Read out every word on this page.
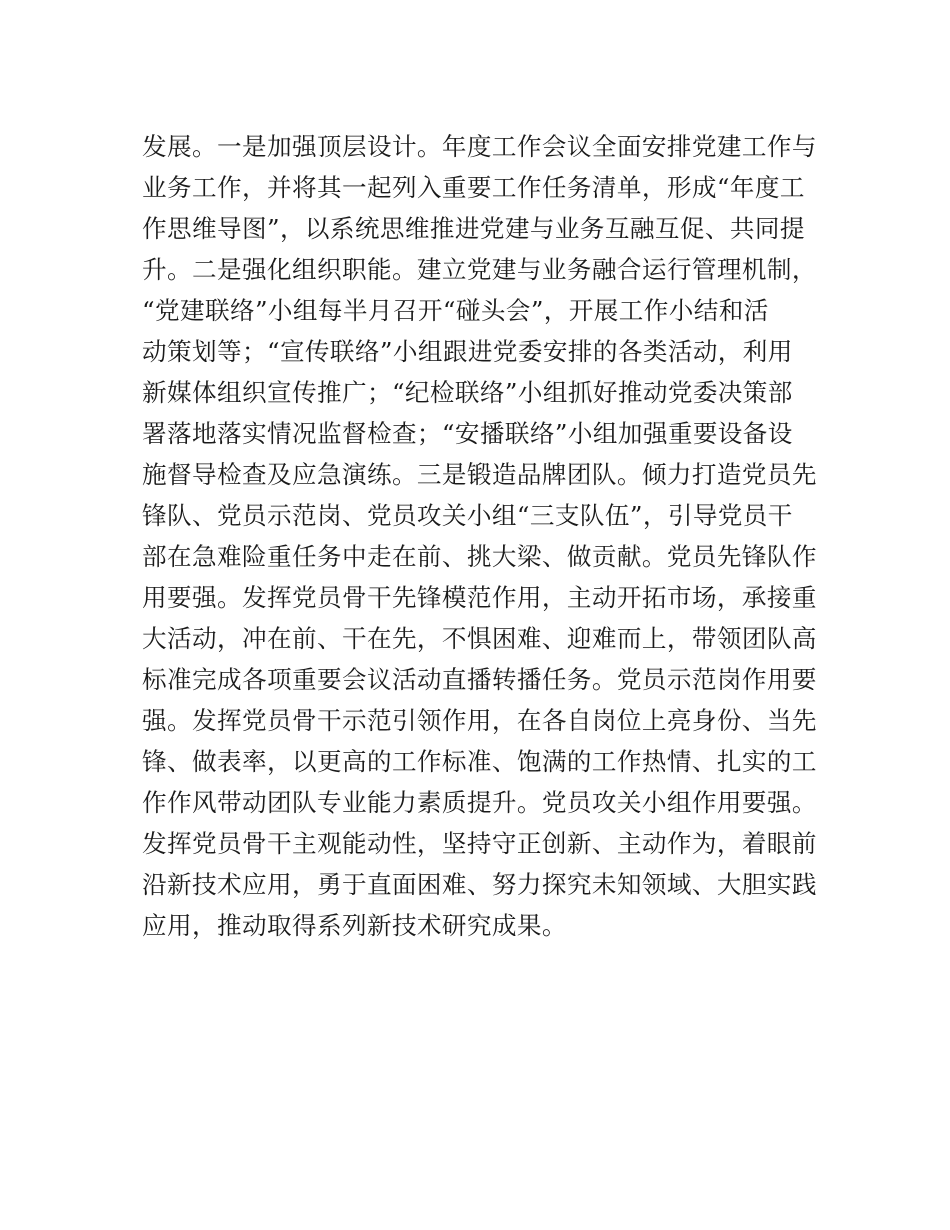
发展。一是加强顶层设计。年度工作会议全面安排党建工作与
业务工作，并将其一起列入重要工作任务清单，形成“年度工
作思维导图”，以系统思维推进党建与业务互融互促、共同提
升。二是强化组织职能。建立党建与业务融合运行管理机制，
“党建联络”小组每半月召开“碰头会”，开展工作小结和活
动策划等；“宣传联络”小组跟进党委安排的各类活动，利用
新媒体组织宣传推广；“纪检联络”小组抓好推动党委决策部
署落地落实情况监督检查；“安播联络”小组加强重要设备设
施督导检查及应急演练。三是锻造品牌团队。倾力打造党员先
锋队、党员示范岗、党员攻关小组“三支队伍”，引导党员干
部在急难险重任务中走在前、挑大梁、做贡献。党员先锋队作
用要强。发挥党员骨干先锋模范作用，主动开拓市场，承接重
大活动，冲在前、干在先，不惧困难、迎难而上，带领团队高
标准完成各项重要会议活动直播转播任务。党员示范岗作用要
强。发挥党员骨干示范引领作用，在各自岗位上亮身份、当先
锋、做表率，以更高的工作标准、饱满的工作热情、扎实的工
作作风带动团队专业能力素质提升。党员攻关小组作用要强。
发挥党员骨干主观能动性，坚持守正创新、主动作为，着眼前
沿新技术应用，勇于直面困难、努力探究未知领域、大胆实践
应用，推动取得系列新技术研究成果。
